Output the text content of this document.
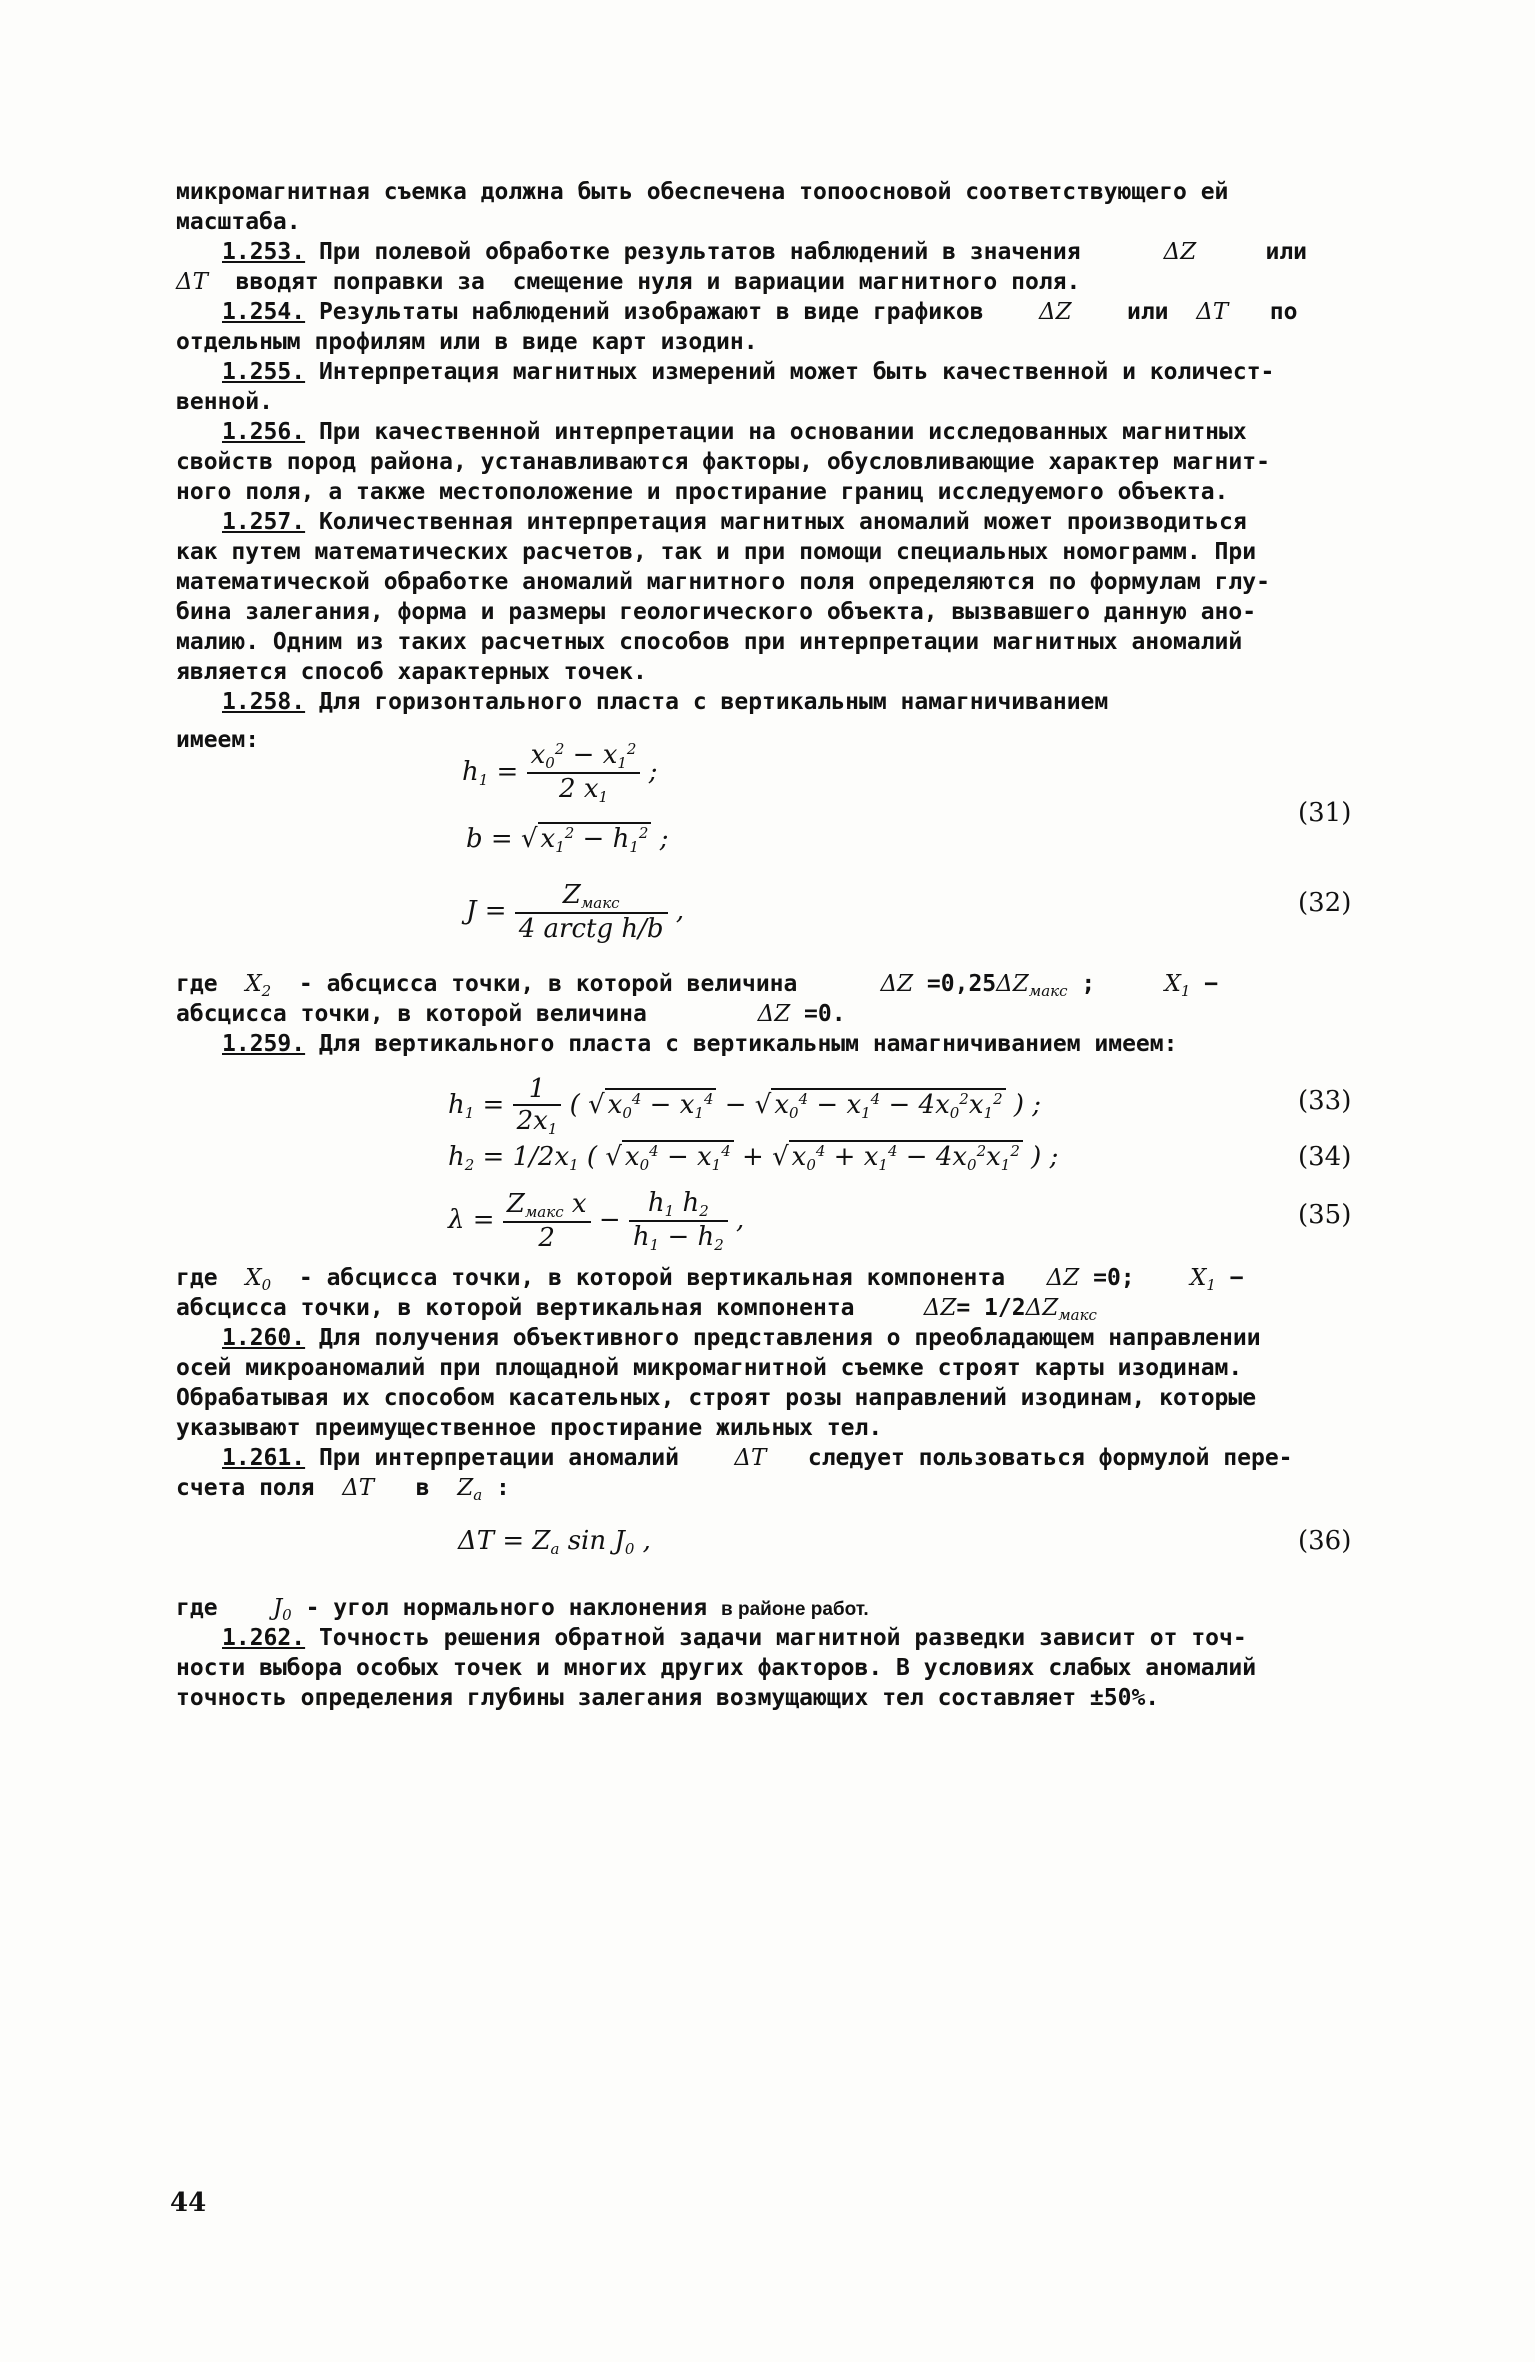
микромагнитная съемка должна быть обеспечена топоосновой соответствующего ей
масштаба.
1.253. При полевой обработке результатов наблюдений в значения	ΔZ	или
ΔT вводят поправки за  смещение нуля и вариации магнитного поля.
1.254. Результаты наблюдений изображают в виде графиков ΔZ или ΔT по
отдельным профилям или в виде карт изодин.
1.255. Интерпретация магнитных измерений может быть качественной и количест-
венной.
1.256. При качественной интерпретации на основании исследованных магнитных
свойств пород района, устанавливаются факторы, обусловливающие характер магнит-
ного поля, а также местоположение и простирание границ исследуемого объекта.
1.257. Количественная интерпретация магнитных аномалий может производиться
как путем математических расчетов, так и при помощи специальных номограмм. При
математической обработке аномалий магнитного поля определяются по формулам глу-
бина залегания, форма и размеры геологического объекта, вызвавшего данную ано-
малию. Одним из таких расчетных способов при интерпретации магнитных аномалий
является способ характерных точек.
1.258. Для горизонтального пласта с вертикальным намагничиванием
имеем:
$h_1 = \frac{x_0^2 - x_1^2}{2 x_1}$ ;
b = √ $x_1^2 - h_1^2$ ;
(31)
$J = \frac{Z_{макс}}{\text{4 arctg h/b}}$ ,	(32)
где $X_2$ - абсцисса точки, в которой величина	$\Delta Z =0,25\Delta Z_{макс}$ ;     $X_1$ −
абсцисса точки, в которой величина	ΔZ =0.
1.259. Для вертикального пласта с вертикальным намагничиванием имеем:
$h_1 = \frac{1}{2x_1}$ ( √ $x_0^4 - x_1^4$ − √ $x_0^4 - x_1^4 - 4x_0^2x_1^2$ ) ;	(33)
$h_2 = 1/2x_1$ ( √ $x_0^4 - x_1^4$ + √ $x_0^4 + x_1^4 - 4x_0^2x_1^2$ ) ;	(34)
$\lambda = \frac{Z_{макс} x}{2} - \frac{h_1 h_2}{h_1 - h_2}$ ,	(35)
где $X_0$ - абсцисса точки, в которой вертикальная компонента ΔZ =0; $X_1$ −
абсцисса точки, в которой вертикальная компонента	$\Delta Z= 1/2\Delta Z_{макс}$
1.260. Для получения объективного представления о преобладающем направлении
осей микроаномалий при площадной микромагнитной съемке строят карты изодинам.
Обрабатывая их способом касательных, строят розы направлений изодинам, которые
указывают преимущественное простирание жильных тел.
1.261. При интерпретации аномалий ΔT следует пользоваться формулой пере-
счета поля ΔT в $Z_a$ :
$\Delta T = Z_a$ $\sin J_0$ ,	(36)
где $J_0$ - угол нормального наклонения в районе работ.
1.262. Точность решения обратной задачи магнитной разведки зависит от точ-
ности выбора особых точек и многих других факторов. В условиях слабых аномалий
точность определения глубины залегания возмущающих тел составляет ±50%.
44
